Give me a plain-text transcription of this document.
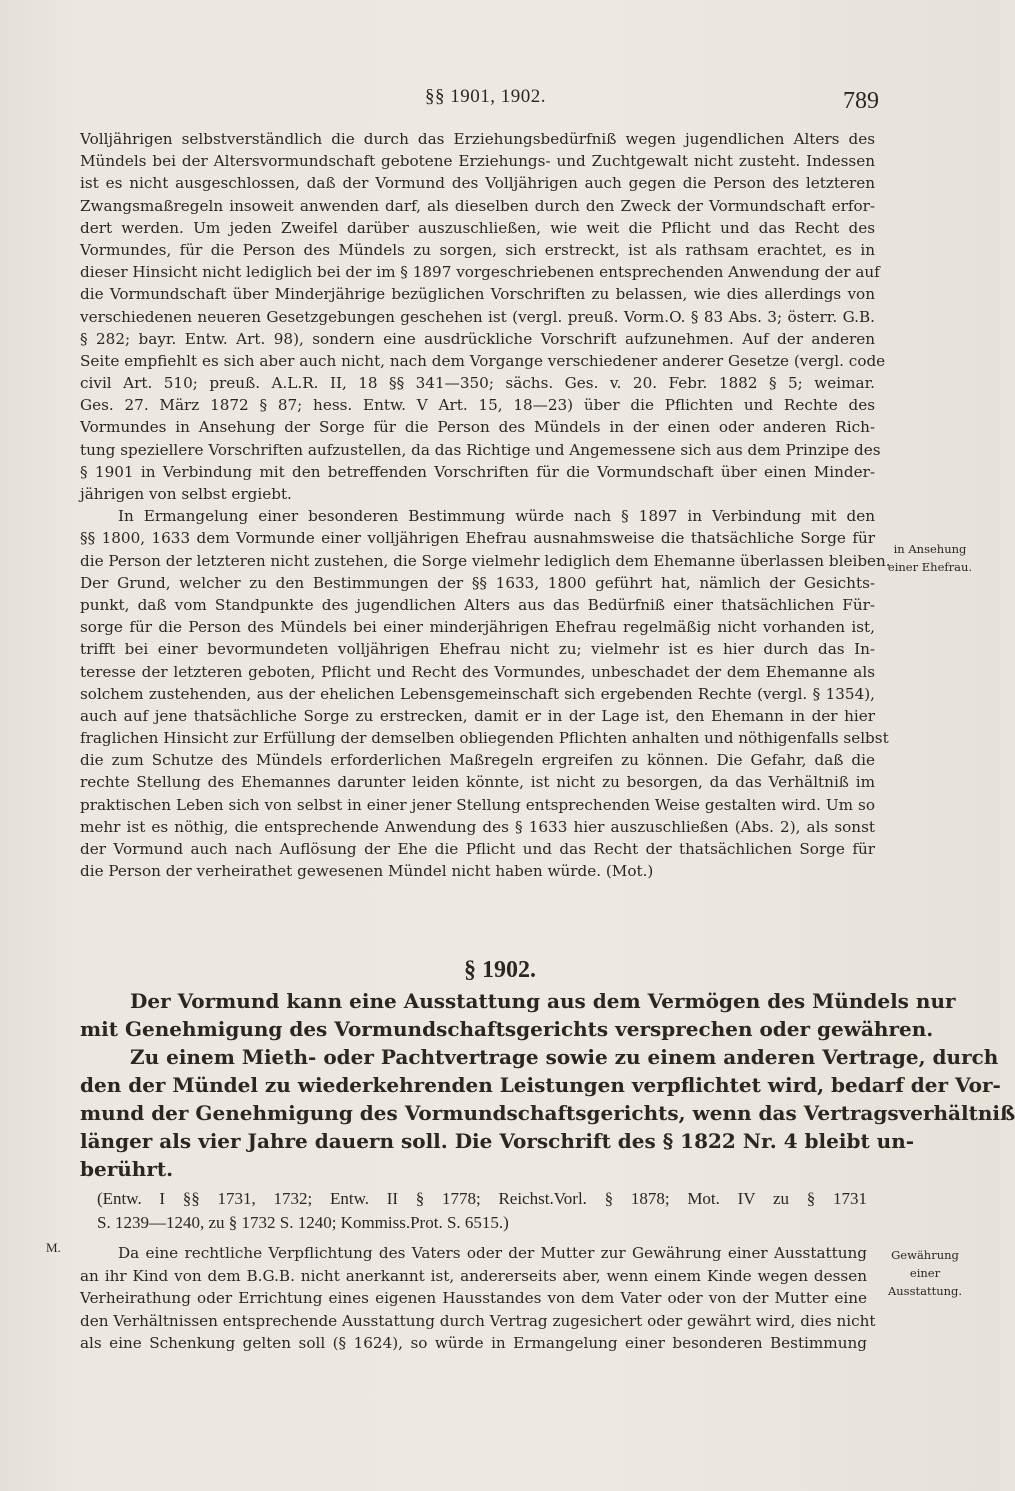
§§ 1901, 1902.	789
Volljährigen selbstverständlich die durch das Erziehungsbedürfniß wegen jugendlichen Alters des
Mündels bei der Altersvormundschaft gebotene Erziehungs- und Zuchtgewalt nicht zusteht. Indessen
ist es nicht ausgeschlossen, daß der Vormund des Volljährigen auch gegen die Person des letzteren
Zwangsmaßregeln insoweit anwenden darf, als dieselben durch den Zweck der Vormundschaft erfor-
dert werden. Um jeden Zweifel darüber auszuschließen, wie weit die Pflicht und das Recht des
Vormundes, für die Person des Mündels zu sorgen, sich erstreckt, ist als rathsam erachtet, es in
dieser Hinsicht nicht lediglich bei der im § 1897 vorgeschriebenen entsprechenden Anwendung der auf
die Vormundschaft über Minderjährige bezüglichen Vorschriften zu belassen, wie dies allerdings von
verschiedenen neueren Gesetzgebungen geschehen ist (vergl. preuß. Vorm.O. § 83 Abs. 3; österr. G.B.
§ 282; bayr. Entw. Art. 98), sondern eine ausdrückliche Vorschrift aufzunehmen. Auf der anderen
Seite empfiehlt es sich aber auch nicht, nach dem Vorgange verschiedener anderer Gesetze (vergl. code
civil Art. 510; preuß. A.L.R. II, 18 §§ 341—350; sächs. Ges. v. 20. Febr. 1882 § 5; weimar.
Ges. 27. März 1872 § 87; hess. Entw. V Art. 15, 18—23) über die Pflichten und Rechte des
Vormundes in Ansehung der Sorge für die Person des Mündels in der einen oder anderen Rich-
tung speziellere Vorschriften aufzustellen, da das Richtige und Angemessene sich aus dem Prinzipe des
§ 1901 in Verbindung mit den betreffenden Vorschriften für die Vormundschaft über einen Minder-
jährigen von selbst ergiebt.
In Ermangelung einer besonderen Bestimmung würde nach § 1897 in Verbindung mit den
§§ 1800, 1633 dem Vormunde einer volljährigen Ehefrau ausnahmsweise die thatsächliche Sorge für
die Person der letzteren nicht zustehen, die Sorge vielmehr lediglich dem Ehemanne überlassen bleiben.
Der Grund, welcher zu den Bestimmungen der §§ 1633, 1800 geführt hat, nämlich der Gesichts-
punkt, daß vom Standpunkte des jugendlichen Alters aus das Bedürfniß einer thatsächlichen Für-
sorge für die Person des Mündels bei einer minderjährigen Ehefrau regelmäßig nicht vorhanden ist,
trifft bei einer bevormundeten volljährigen Ehefrau nicht zu; vielmehr ist es hier durch das In-
teresse der letzteren geboten, Pflicht und Recht des Vormundes, unbeschadet der dem Ehemanne als
solchem zustehenden, aus der ehelichen Lebensgemeinschaft sich ergebenden Rechte (vergl. § 1354),
auch auf jene thatsächliche Sorge zu erstrecken, damit er in der Lage ist, den Ehemann in der hier
fraglichen Hinsicht zur Erfüllung der demselben obliegenden Pflichten anhalten und nöthigenfalls selbst
die zum Schutze des Mündels erforderlichen Maßregeln ergreifen zu können. Die Gefahr, daß die
rechte Stellung des Ehemannes darunter leiden könnte, ist nicht zu besorgen, da das Verhältniß im
praktischen Leben sich von selbst in einer jener Stellung entsprechenden Weise gestalten wird. Um so
mehr ist es nöthig, die entsprechende Anwendung des § 1633 hier auszuschließen (Abs. 2), als sonst
der Vormund auch nach Auflösung der Ehe die Pflicht und das Recht der thatsächlichen Sorge für
die Person der verheirathet gewesenen Mündel nicht haben würde. (Mot.)
in Ansehung
einer Ehefrau.
§ 1902.
Der Vormund kann eine Ausstattung aus dem Vermögen des Mündels nur
mit Genehmigung des Vormundschaftsgerichts versprechen oder gewähren.
Zu einem Mieth- oder Pachtvertrage sowie zu einem anderen Vertrage, durch
den der Mündel zu wiederkehrenden Leistungen verpflichtet wird, bedarf der Vor-
mund der Genehmigung des Vormundschaftsgerichts, wenn das Vertragsverhältniß
länger als vier Jahre dauern soll. Die Vorschrift des § 1822 Nr. 4 bleibt un-
berührt.
(Entw. I §§ 1731, 1732; Entw. II § 1778; Reichst.Vorl. § 1878; Mot. IV zu § 1731
S. 1239—1240, zu § 1732 S. 1240; Kommiss.Prot. S. 6515.)
M.	Da eine rechtliche Verpflichtung des Vaters oder der Mutter zur Gewährung einer Ausstattung
an ihr Kind von dem B.G.B. nicht anerkannt ist, andererseits aber, wenn einem Kinde wegen dessen
Verheirathung oder Errichtung eines eigenen Hausstandes von dem Vater oder von der Mutter eine
den Verhältnissen entsprechende Ausstattung durch Vertrag zugesichert oder gewährt wird, dies nicht
als eine Schenkung gelten soll (§ 1624), so würde in Ermangelung einer besonderen Bestimmung
Gewährung
einer
Ausstattung.
